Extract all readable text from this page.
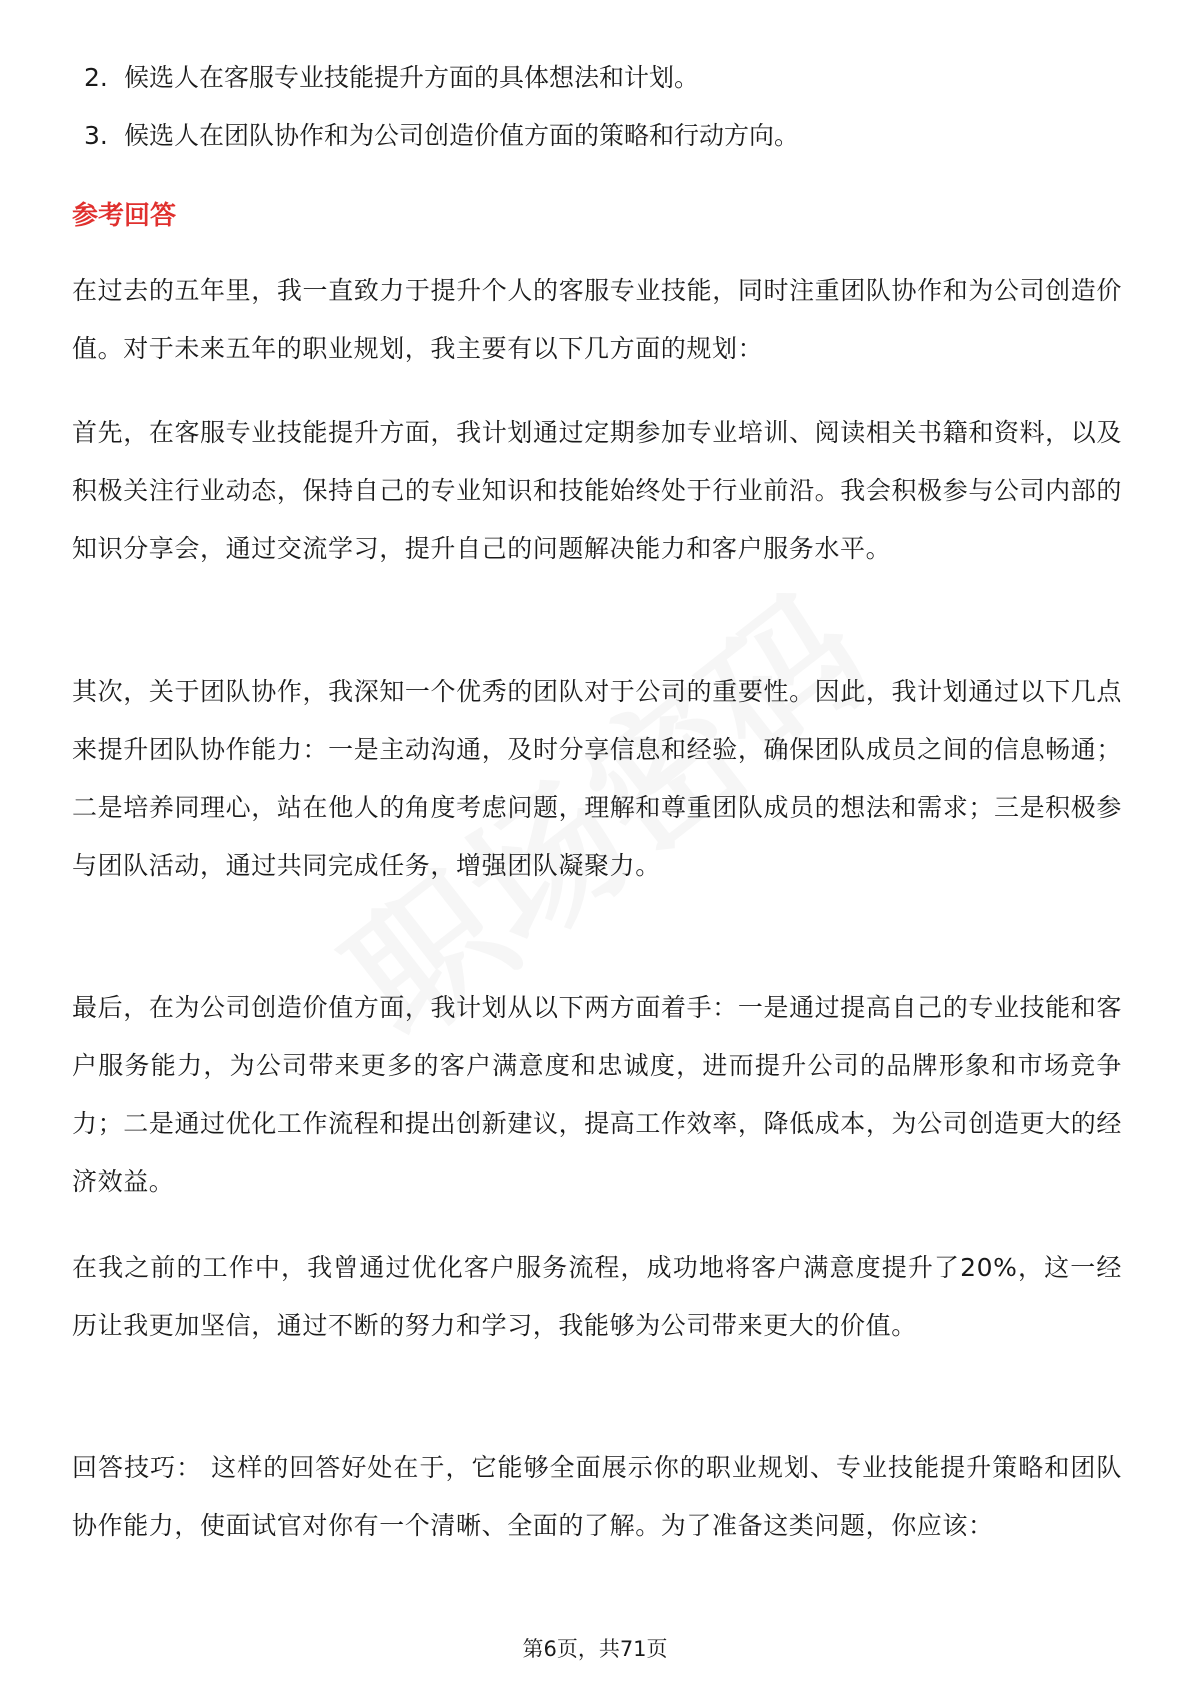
2. 候选人在客服专业技能提升方面的具体想法和计划。
3. 候选人在团队协作和为公司创造价值方面的策略和行动方向。
参考回答

在过去的五年里，我一直致力于提升个人的客服专业技能，同时注重团队协作和为公司创造价值。对于未来五年的职业规划，我主要有以下几方面的规划：

首先，在客服专业技能提升方面，我计划通过定期参加专业培训、阅读相关书籍和资料，以及积极关注行业动态，保持自己的专业知识和技能始终处于行业前沿。我会积极参与公司内部的知识分享会，通过交流学习，提升自己的问题解决能力和客户服务水平。

其次，关于团队协作，我深知一个优秀的团队对于公司的重要性。因此，我计划通过以下几点来提升团队协作能力：一是主动沟通，及时分享信息和经验，确保团队成员之间的信息畅通；二是培养同理心，站在他人的角度考虑问题，理解和尊重团队成员的想法和需求；三是积极参与团队活动，通过共同完成任务，增强团队凝聚力。

最后，在为公司创造价值方面，我计划从以下两方面着手：一是通过提高自己的专业技能和客户服务能力，为公司带来更多的客户满意度和忠诚度，进而提升公司的品牌形象和市场竞争力；二是通过优化工作流程和提出创新建议，提高工作效率，降低成本，为公司创造更大的经济效益。

在我之前的工作中，我曾通过优化客户服务流程，成功地将客户满意度提升了20%，这一经历让我更加坚信，通过不断的努力和学习，我能够为公司带来更大的价值。

回答技巧： 这样的回答好处在于，它能够全面展示你的职业规划、专业技能提升策略和团队协作能力，使面试官对你有一个清晰、全面的了解。为了准备这类问题，你应该：

第6页，共71页
